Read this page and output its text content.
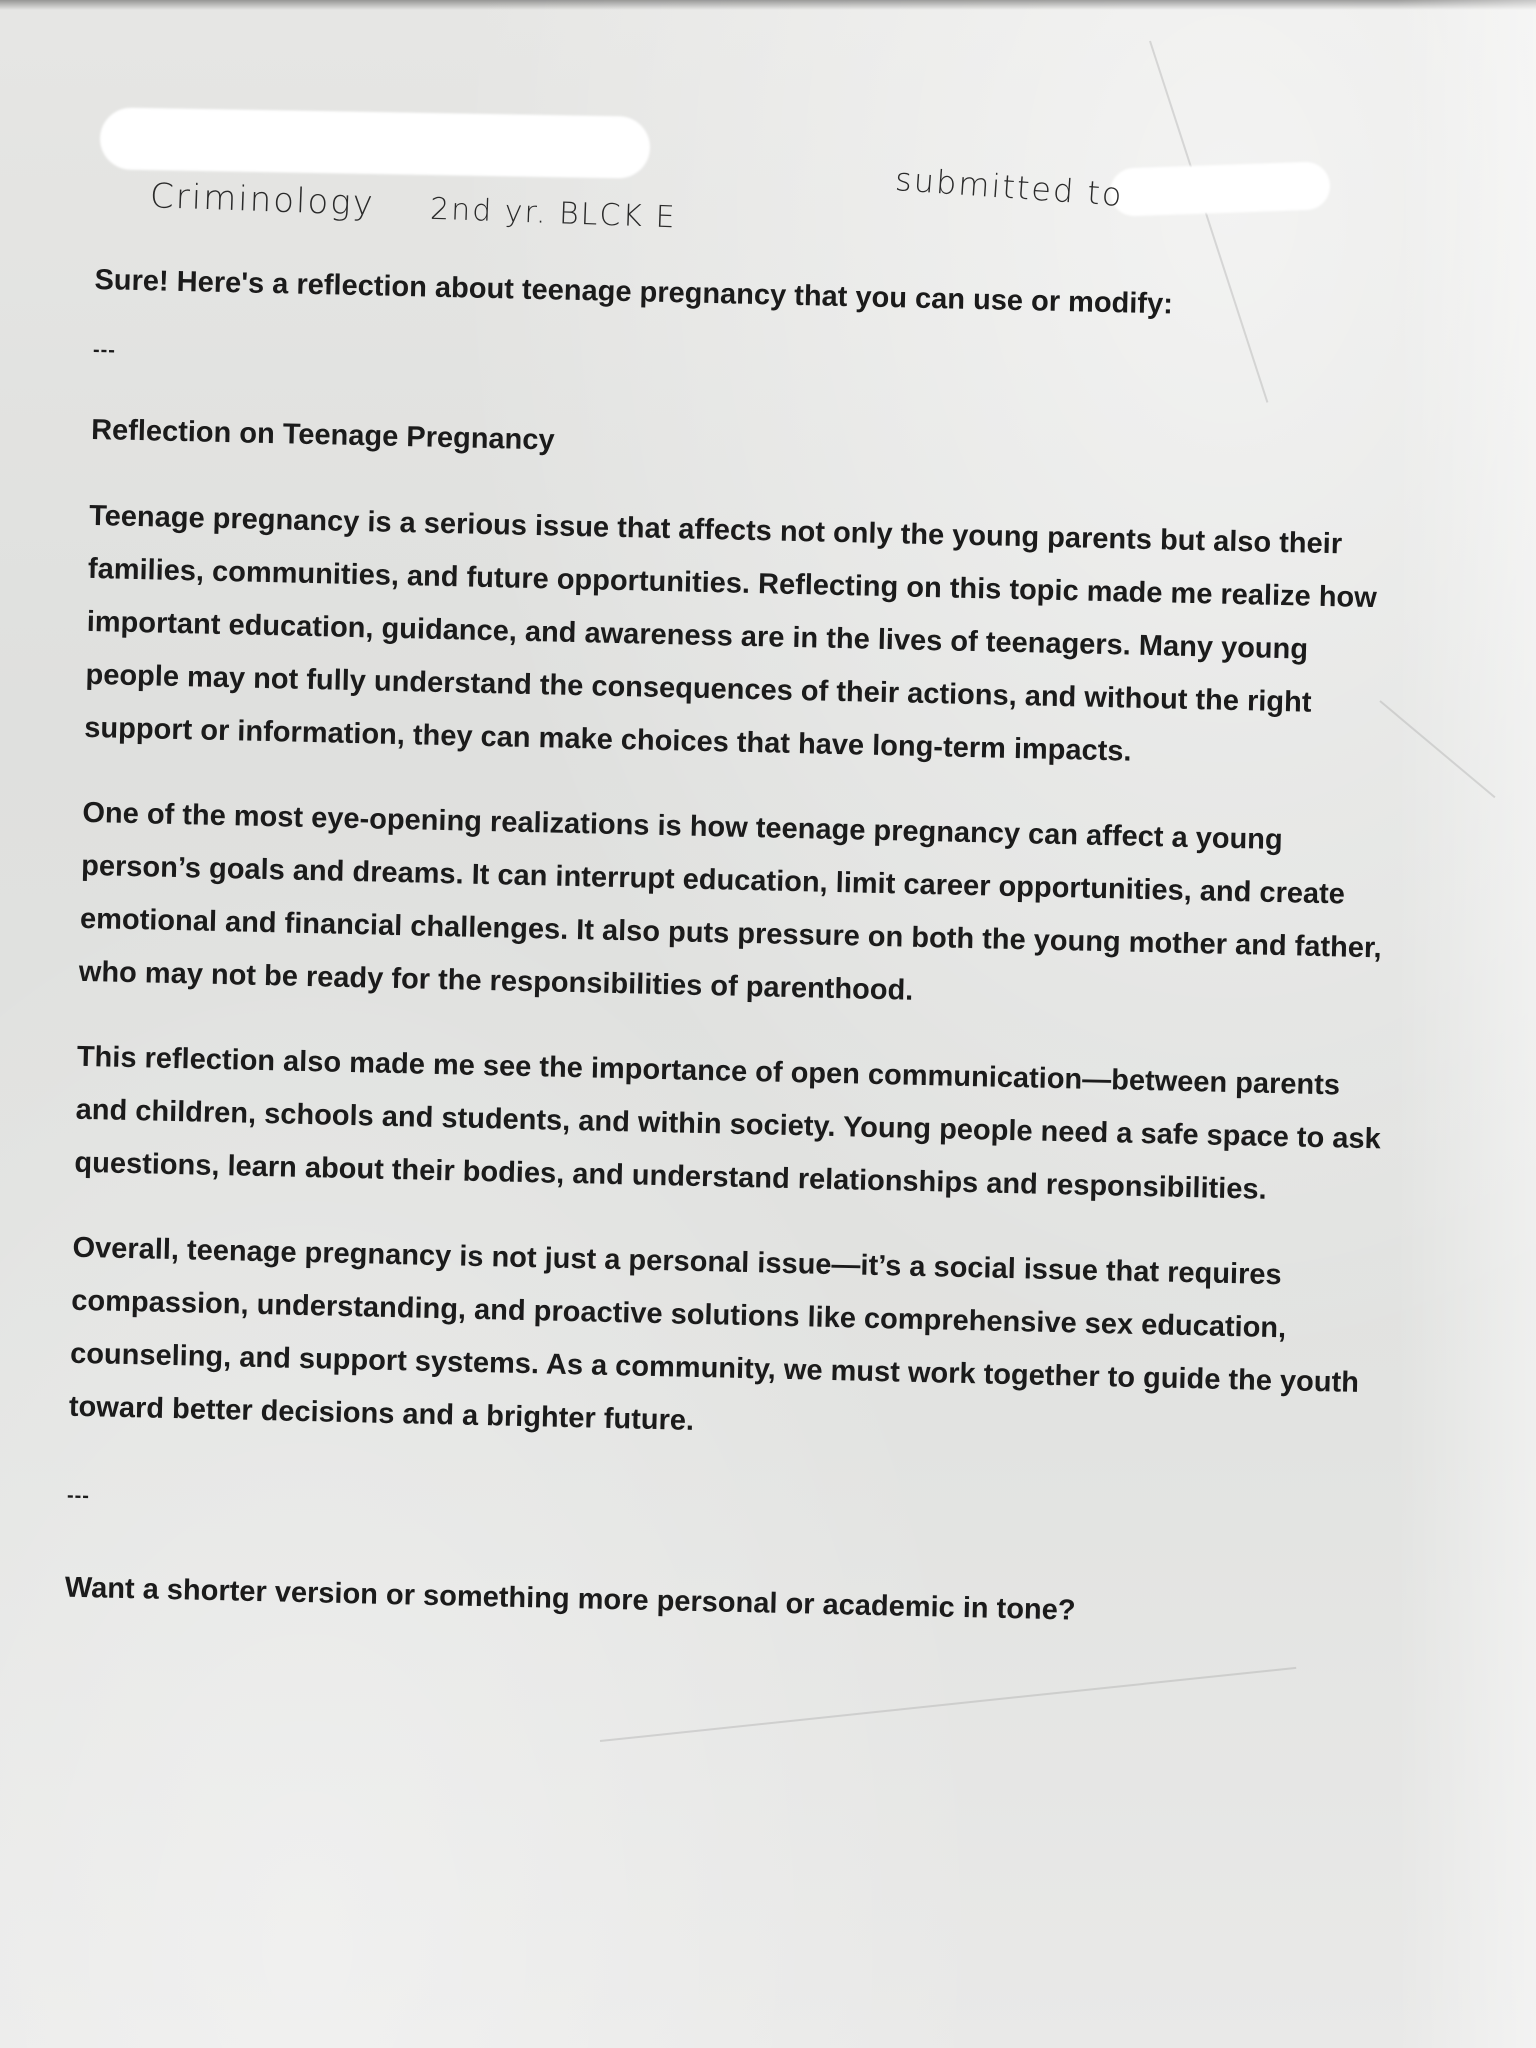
Criminology 2nd yr. BLCK E	submitted to

Sure! Here's a reflection about teenage pregnancy that you can use or modify:

---

Reflection on Teenage Pregnancy

Teenage pregnancy is a serious issue that affects not only the young parents but also their families, communities, and future opportunities. Reflecting on this topic made me realize how important education, guidance, and awareness are in the lives of teenagers. Many young people may not fully understand the consequences of their actions, and without the right support or information, they can make choices that have long-term impacts.

One of the most eye-opening realizations is how teenage pregnancy can affect a young person’s goals and dreams. It can interrupt education, limit career opportunities, and create emotional and financial challenges. It also puts pressure on both the young mother and father, who may not be ready for the responsibilities of parenthood.

This reflection also made me see the importance of open communication—between parents and children, schools and students, and within society. Young people need a safe space to ask questions, learn about their bodies, and understand relationships and responsibilities.

Overall, teenage pregnancy is not just a personal issue—it’s a social issue that requires compassion, understanding, and proactive solutions like comprehensive sex education, counseling, and support systems. As a community, we must work together to guide the youth toward better decisions and a brighter future.

---

Want a shorter version or something more personal or academic in tone?
